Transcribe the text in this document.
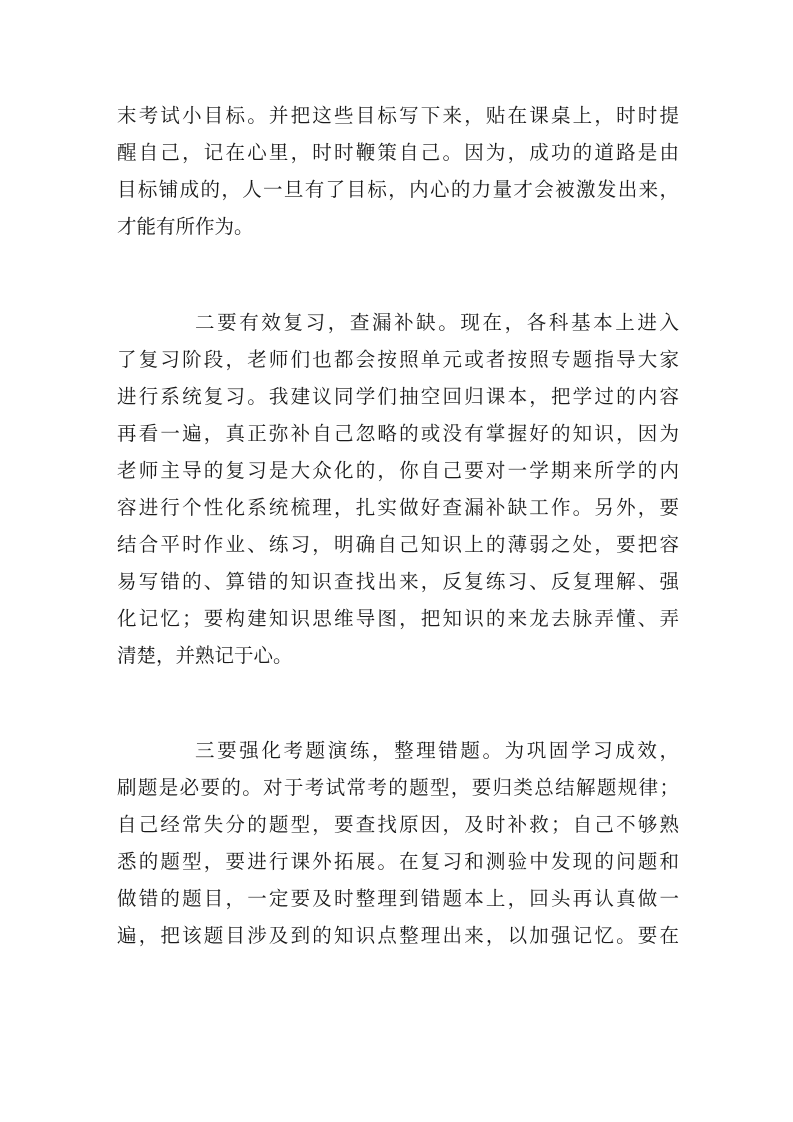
末考试小目标。并把这些目标写下来，贴在课桌上，时时提
醒自己，记在心里，时时鞭策自己。因为，成功的道路是由
目标铺成的，人一旦有了目标，内心的力量才会被激发出来，
才能有所作为。

二要有效复习，查漏补缺。现在，各科基本上进入
了复习阶段，老师们也都会按照单元或者按照专题指导大家
进行系统复习。我建议同学们抽空回归课本，把学过的内容
再看一遍，真正弥补自己忽略的或没有掌握好的知识，因为
老师主导的复习是大众化的，你自己要对一学期来所学的内
容进行个性化系统梳理，扎实做好查漏补缺工作。另外，要
结合平时作业、练习，明确自己知识上的薄弱之处，要把容
易写错的、算错的知识查找出来，反复练习、反复理解、强
化记忆；要构建知识思维导图，把知识的来龙去脉弄懂、弄
清楚，并熟记于心。

三要强化考题演练，整理错题。为巩固学习成效，
刷题是必要的。对于考试常考的题型，要归类总结解题规律；
自己经常失分的题型，要查找原因，及时补救；自己不够熟
悉的题型，要进行课外拓展。在复习和测验中发现的问题和
做错的题目，一定要及时整理到错题本上，回头再认真做一
遍，把该题目涉及到的知识点整理出来，以加强记忆。要在
